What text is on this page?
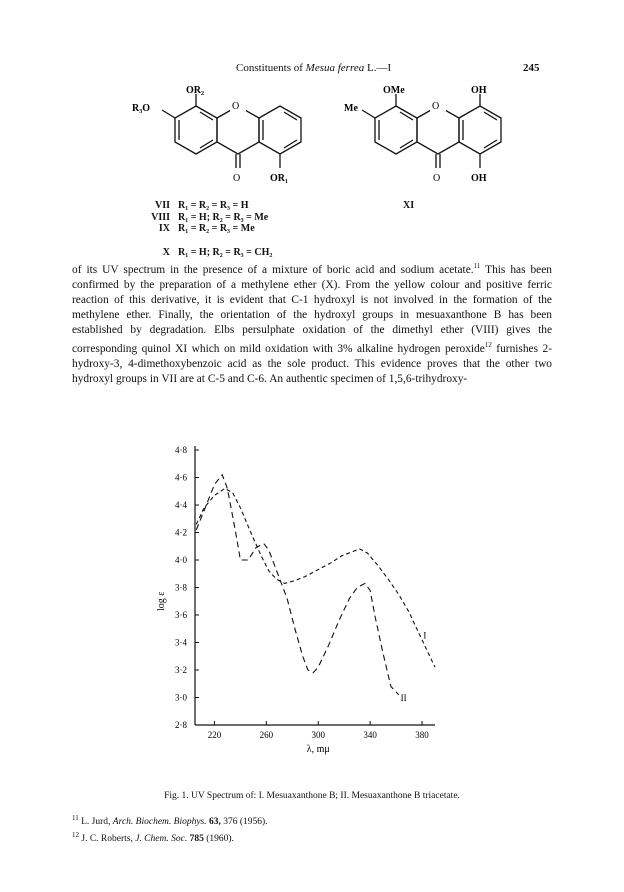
Constituents of Mesua ferrea L.—I	245
O
OR₂
R₃O
O	OR₁
O
OMe	OH
Me
O	OH
VII R₁ = R₂ = R₃ = H
VIII R₁ = H; R₂ = R₃ = Me
IX R₁ = R₂ = R₃ = Me
X R₁ = H; R₂ = R₃ = CH₂
XI

of its UV spectrum in the presence of a mixture of boric acid and sodium acetate.$^{11}$ This has been confirmed by the preparation of a methylene ether (X). From the yellow colour and positive ferric reaction of this derivative, it is evident that C-1 hydroxyl is not involved in the formation of the methylene ether. Finally, the orientation of the hydroxyl groups in mesuaxanthone B has been established by degradation. Elbs persulphate oxidation of the dimethyl ether (VIII) gives the corresponding quinol XI which on mild oxidation with 3% alkaline hydrogen peroxide$^{12}$ furnishes 2-hydroxy-3, 4-dimethoxybenzoic acid as the sole product. This evidence proves that the other two hydroxyl groups in VII are at C-5 and C-6. An authentic specimen of 1,5,6-trihydroxy-

4·8
4·6
4·4
4·2
4·0
3·8
3·6
3·4
3·2
3·0
2·8
220	260	300	340	380
λ, mμ
log ε
I
II
Fig. 1. UV Spectrum of: I. Mesuaxanthone B; II. Mesuaxanthone B triacetate.
$^{11}$ L. Jurd, Arch. Biochem. Biophys. 63, 376 (1956).
$^{12}$ J. C. Roberts, J. Chem. Soc. 785 (1960).
